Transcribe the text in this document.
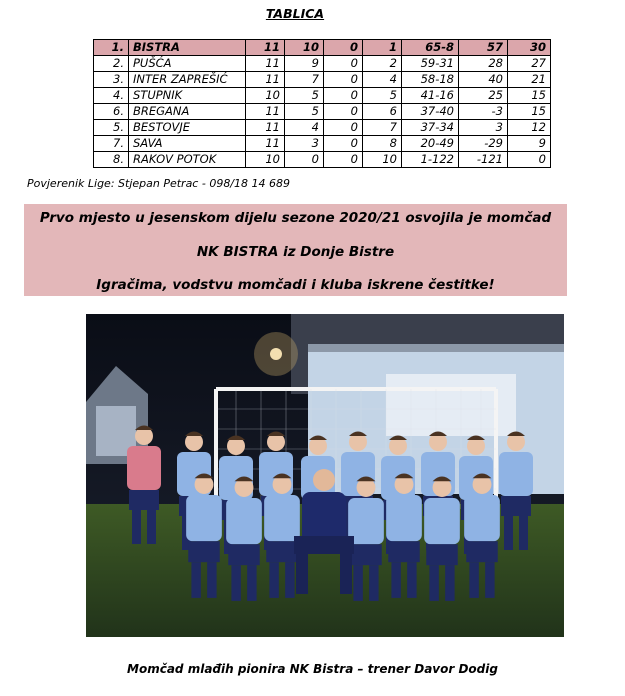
TABLICA
1.	BISTRA	11	10	0	1	65-8	57	30
2.	PUŠĆA	11	9	0	2	59-31	28	27
3.	INTER ZAPREŠIĆ	11	7	0	4	58-18	40	21
4.	STUPNIK	10	5	0	5	41-16	25	15
6.	BREGANA	11	5	0	6	37-40	-3	15
5.	BESTOVJE	11	4	0	7	37-34	3	12
7.	SAVA	11	3	0	8	20-49	-29	9
8.	RAKOV POTOK	10	0	0	10	1-122	-121	0
Povjerenik Lige: Stjepan Petrac - 098/18 14 689
Prvo mjesto u jesenskom dijelu sezone 2020/21 osvojila je momčad
NK BISTRA iz Donje Bistre
Igračima, vodstvu momčadi i kluba iskrene čestitke!
Momčad mlađih pionira NK Bistra – trener Davor Dodig
